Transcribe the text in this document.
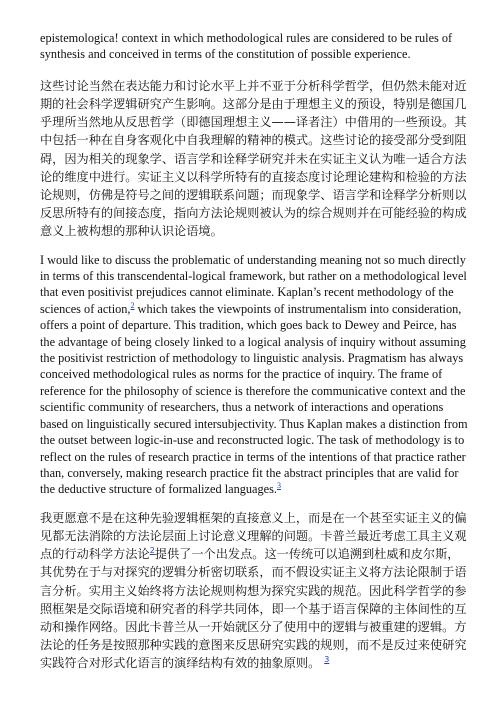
epistemologica! context in which methodological rules are considered to be rules of synthesis and conceived in terms of the constitution of possible experience.

这些讨论当然在表达能力和讨论水平上并不亚于分析科学哲学，但仍然未能对近期的社会科学逻辑研究产生影响。这部分是由于理想主义的预设，特别是德国几乎理所当然地从反思哲学（即德国理想主义——译者注）中借用的一些预设。其中包括一种在自身客观化中自我理解的精神的模式。这些讨论的接受部分受到阻碍，因为相关的现象学、语言学和诠释学研究并未在实证主义认为唯一适合方法论的维度中进行。实证主义以科学所特有的直接态度讨论理论建构和检验的方法论规则，仿佛是符号之间的逻辑联系问题；而现象学、语言学和诠释学分析则以反思所特有的间接态度，指向方法论规则被认为的综合规则并在可能经验的构成意义上被构想的那种认识论语境。

I would like to discuss the problematic of understanding meaning not so much directly in terms of this transcendental-logical framework, but rather on a methodological level that even positivist prejudices cannot eliminate. Kaplan’s recent methodology of the sciences of action,$^2$ which takes the viewpoints of instrumentalism into consideration, offers a point of departure. This tradition, which goes back to Dewey and Peirce, has the advantage of being closely linked to a logical analysis of inquiry without assuming the positivist restriction of methodology to linguistic analysis. Pragmatism has always conceived methodological rules as norms for the practice of inquiry. The frame of reference for the philosophy of science is therefore the communicative context and the scientific community of researchers, thus a network of interactions and operations based on linguistically secured intersubjectivity. Thus Kaplan makes a distinction from the outset between logic-in-use and reconstructed logic. The task of methodology is to reflect on the rules of research practice in terms of the intentions of that practice rather than, conversely, making research practice fit the abstract principles that are valid for the deductive structure of formalized languages.$^3$

我更愿意不是在这种先验逻辑框架的直接意义上，而是在一个甚至实证主义的偏见都无法消除的方法论层面上讨论意义理解的问题。卡普兰最近考虑工具主义观点的行动科学方法论$^2$提供了一个出发点。这一传统可以追溯到杜威和皮尔斯，其优势在于与对探究的逻辑分析密切联系，而不假设实证主义将方法论限制于语言分析。实用主义始终将方法论规则构想为探究实践的规范。因此科学哲学的参照框架是交际语境和研究者的科学共同体，即一个基于语言保障的主体间性的互动和操作网络。因此卡普兰从一开始就区分了使用中的逻辑与被重建的逻辑。方法论的任务是按照那种实践的意图来反思研究实践的规则，而不是反过来使研究实践符合对形式化语言的演绎结构有效的抽象原则。 $^3$
